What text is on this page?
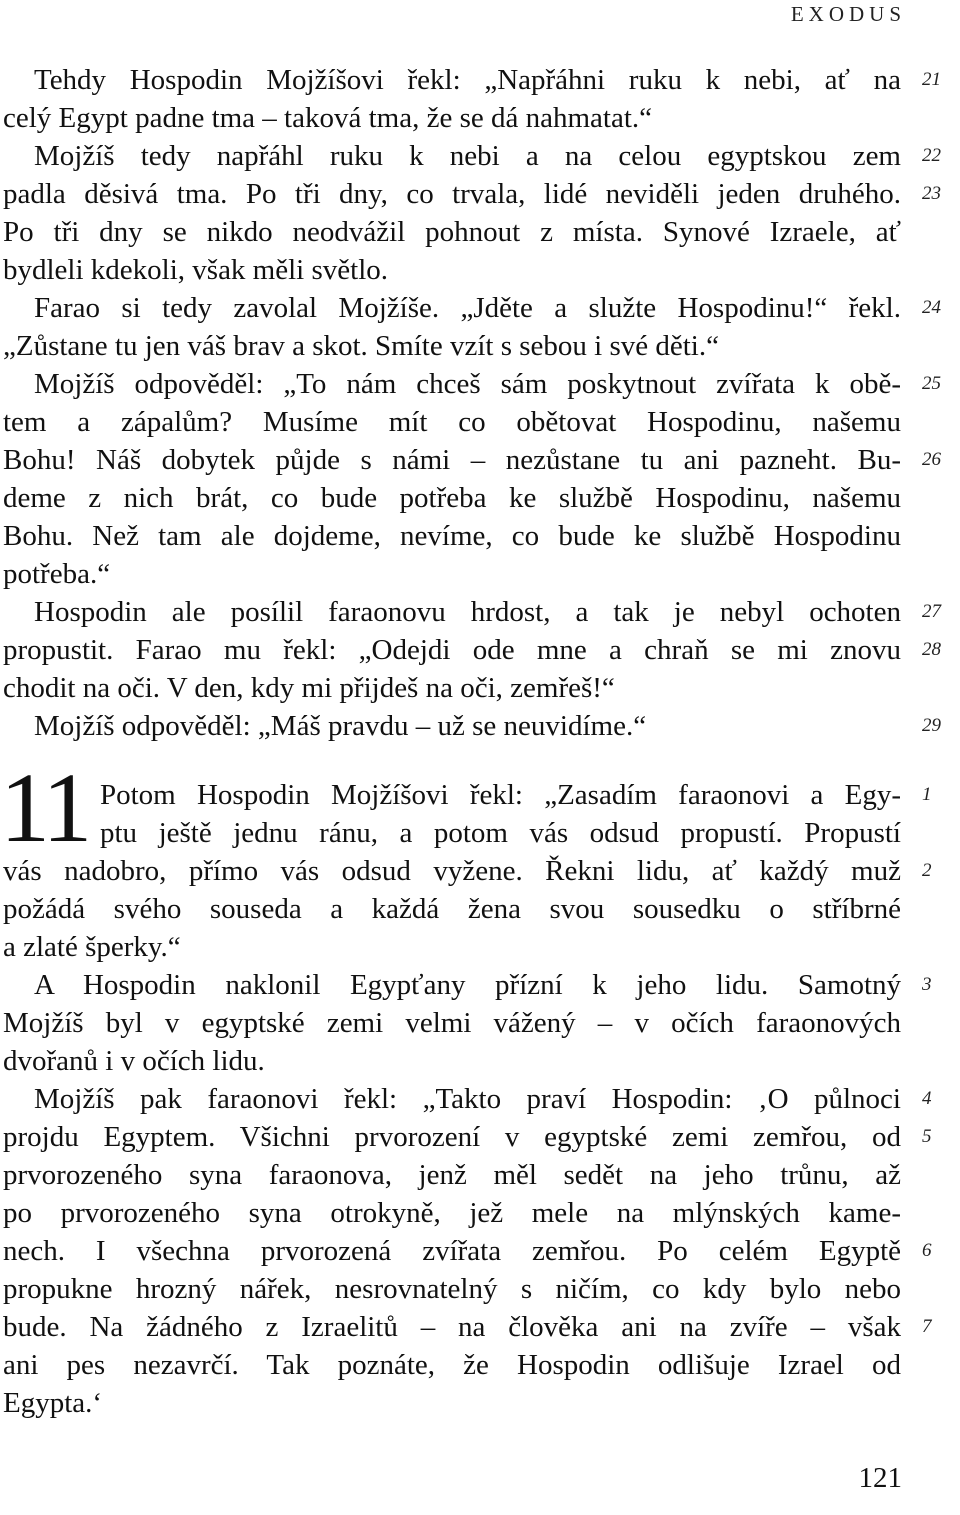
EXODUS
Tehdy Hospodin Mojžíšovi řekl: „Napřáhni ruku k nebi, ať na
celý Egypt padne tma – taková tma, že se dá nahmatat.“
Mojžíš tedy napřáhl ruku k nebi a na celou egyptskou zem
padla děsivá tma. Po tři dny, co trvala, lidé neviděli jeden druhého.
Po tři dny se nikdo neodvážil pohnout z místa. Synové Izraele, ať
bydleli kdekoli, však měli světlo.
Farao si tedy zavolal Mojžíše. „Jděte a služte Hospodinu!“ řekl.
„Zůstane tu jen váš brav a skot. Smíte vzít s sebou i své děti.“
Mojžíš odpověděl: „To nám chceš sám poskytnout zvířata k obě-
tem a zápalům? Musíme mít co obětovat Hospodinu, našemu
Bohu! Náš dobytek půjde s námi – nezůstane tu ani pazneht. Bu-
deme z nich brát, co bude potřeba ke službě Hospodinu, našemu
Bohu. Než tam ale dojdeme, nevíme, co bude ke službě Hospodinu
potřeba.“
Hospodin ale posílil faraonovu hrdost, a tak je nebyl ochoten
propustit. Farao mu řekl: „Odejdi ode mne a chraň se mi znovu
chodit na oči. V den, kdy mi přijdeš na oči, zemřeš!“
Mojžíš odpověděl: „Máš pravdu – už se neuvidíme.“
11 Potom Hospodin Mojžíšovi řekl: „Zasadím faraonovi a Egy-
ptu ještě jednu ránu, a potom vás odsud propustí. Propustí
vás nadobro, přímo vás odsud vyžene. Řekni lidu, ať každý muž
požádá svého souseda a každá žena svou sousedku o stříbrné
a zlaté šperky.“
A Hospodin naklonil Egypťany přízní k jeho lidu. Samotný
Mojžíš byl v egyptské zemi velmi vážený – v očích faraonových
dvořanů i v očích lidu.
Mojžíš pak faraonovi řekl: „Takto praví Hospodin: ‚O půlnoci
projdu Egyptem. Všichni prvorození v egyptské zemi zemřou, od
prvorozeného syna faraonova, jenž měl sedět na jeho trůnu, až
po prvorozeného syna otrokyně, jež mele na mlýnských kame-
nech. I všechna prvorozená zvířata zemřou. Po celém Egyptě
propukne hrozný nářek, nesrovnatelný s ničím, co kdy bylo nebo
bude. Na žádného z Izraelitů – na člověka ani na zvíře – však
ani pes nezavrčí. Tak poznáte, že Hospodin odlišuje Izrael od
Egypta.‘
21
22
23
24
25
26
27
28
29
1
2
3
4
5
6
7
121
